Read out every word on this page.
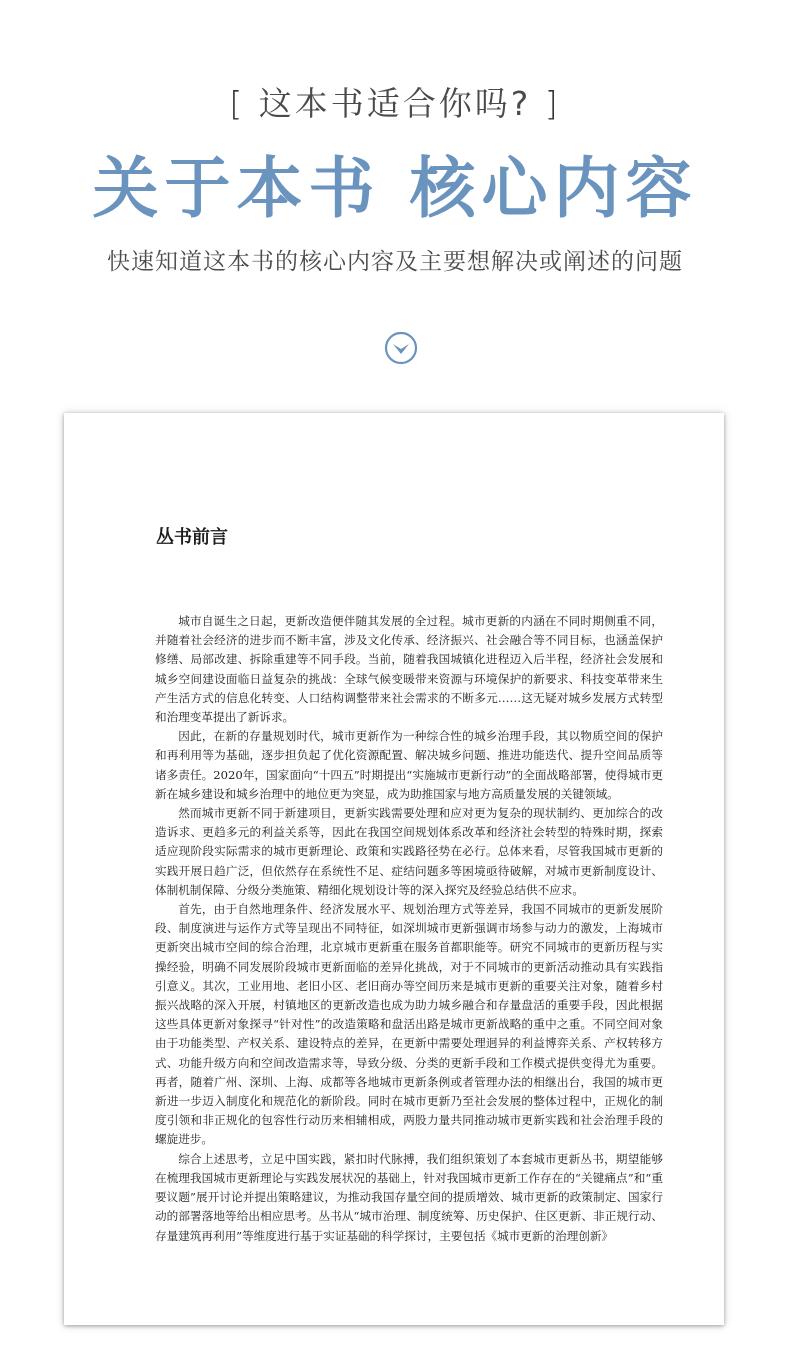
[ 这本书适合你吗? ]
关于本书 核心内容
快速知道这本书的核心内容及主要想解决或阐述的问题
丛书前言

城市自诞生之日起，更新改造便伴随其发展的全过程。城市更新的内涵在不同时期侧重不同，并随着社会经济的进步而不断丰富，涉及文化传承、经济振兴、社会融合等不同目标，也涵盖保护修缮、局部改建、拆除重建等不同手段。当前，随着我国城镇化进程迈入后半程，经济社会发展和城乡空间建设面临日益复杂的挑战：全球气候变暖带来资源与环境保护的新要求、科技变革带来生产生活方式的信息化转变、人口结构调整带来社会需求的不断多元……这无疑对城乡发展方式转型和治理变革提出了新诉求。

因此，在新的存量规划时代，城市更新作为一种综合性的城乡治理手段，其以物质空间的保护和再利用等为基础，逐步担负起了优化资源配置、解决城乡问题、推进功能迭代、提升空间品质等诸多责任。2020年，国家面向“十四五”时期提出“实施城市更新行动”的全面战略部署，使得城市更新在城乡建设和城乡治理中的地位更为突显，成为助推国家与地方高质量发展的关键领域。

然而城市更新不同于新建项目，更新实践需要处理和应对更为复杂的现状制约、更加综合的改造诉求、更趋多元的利益关系等，因此在我国空间规划体系改革和经济社会转型的特殊时期，探索适应现阶段实际需求的城市更新理论、政策和实践路径势在必行。总体来看，尽管我国城市更新的实践开展日趋广泛，但依然存在系统性不足、症结问题多等困境亟待破解，对城市更新制度设计、体制机制保障、分级分类施策、精细化规划设计等的深入探究及经验总结供不应求。

首先，由于自然地理条件、经济发展水平、规划治理方式等差异，我国不同城市的更新发展阶段、制度演进与运作方式等呈现出不同特征，如深圳城市更新强调市场参与动力的激发，上海城市更新突出城市空间的综合治理，北京城市更新重在服务首都职能等。研究不同城市的更新历程与实操经验，明确不同发展阶段城市更新面临的差异化挑战，对于不同城市的更新活动推动具有实践指引意义。其次，工业用地、老旧小区、老旧商办等空间历来是城市更新的重要关注对象，随着乡村振兴战略的深入开展，村镇地区的更新改造也成为助力城乡融合和存量盘活的重要手段，因此根据这些具体更新对象探寻“针对性”的改造策略和盘活出路是城市更新战略的重中之重。不同空间对象由于功能类型、产权关系、建设特点的差异，在更新中需要处理迥异的利益博弈关系、产权转移方式、功能升级方向和空间改造需求等，导致分级、分类的更新手段和工作模式提供变得尤为重要。再者，随着广州、深圳、上海、成都等各地城市更新条例或者管理办法的相继出台，我国的城市更新进一步迈入制度化和规范化的新阶段。同时在城市更新乃至社会发展的整体过程中，正规化的制度引领和非正规化的包容性行动历来相辅相成，两股力量共同推动城市更新实践和社会治理手段的螺旋进步。

综合上述思考，立足中国实践，紧扣时代脉搏，我们组织策划了本套城市更新丛书，期望能够在梳理我国城市更新理论与实践发展状况的基础上，针对我国城市更新工作存在的“关键痛点”和“重要议题”展开讨论并提出策略建议，为推动我国存量空间的提质增效、城市更新的政策制定、国家行动的部署落地等给出相应思考。丛书从“城市治理、制度统筹、历史保护、住区更新、非正规行动、存量建筑再利用”等维度进行基于实证基础的科学探讨，主要包括《城市更新的治理创新》
